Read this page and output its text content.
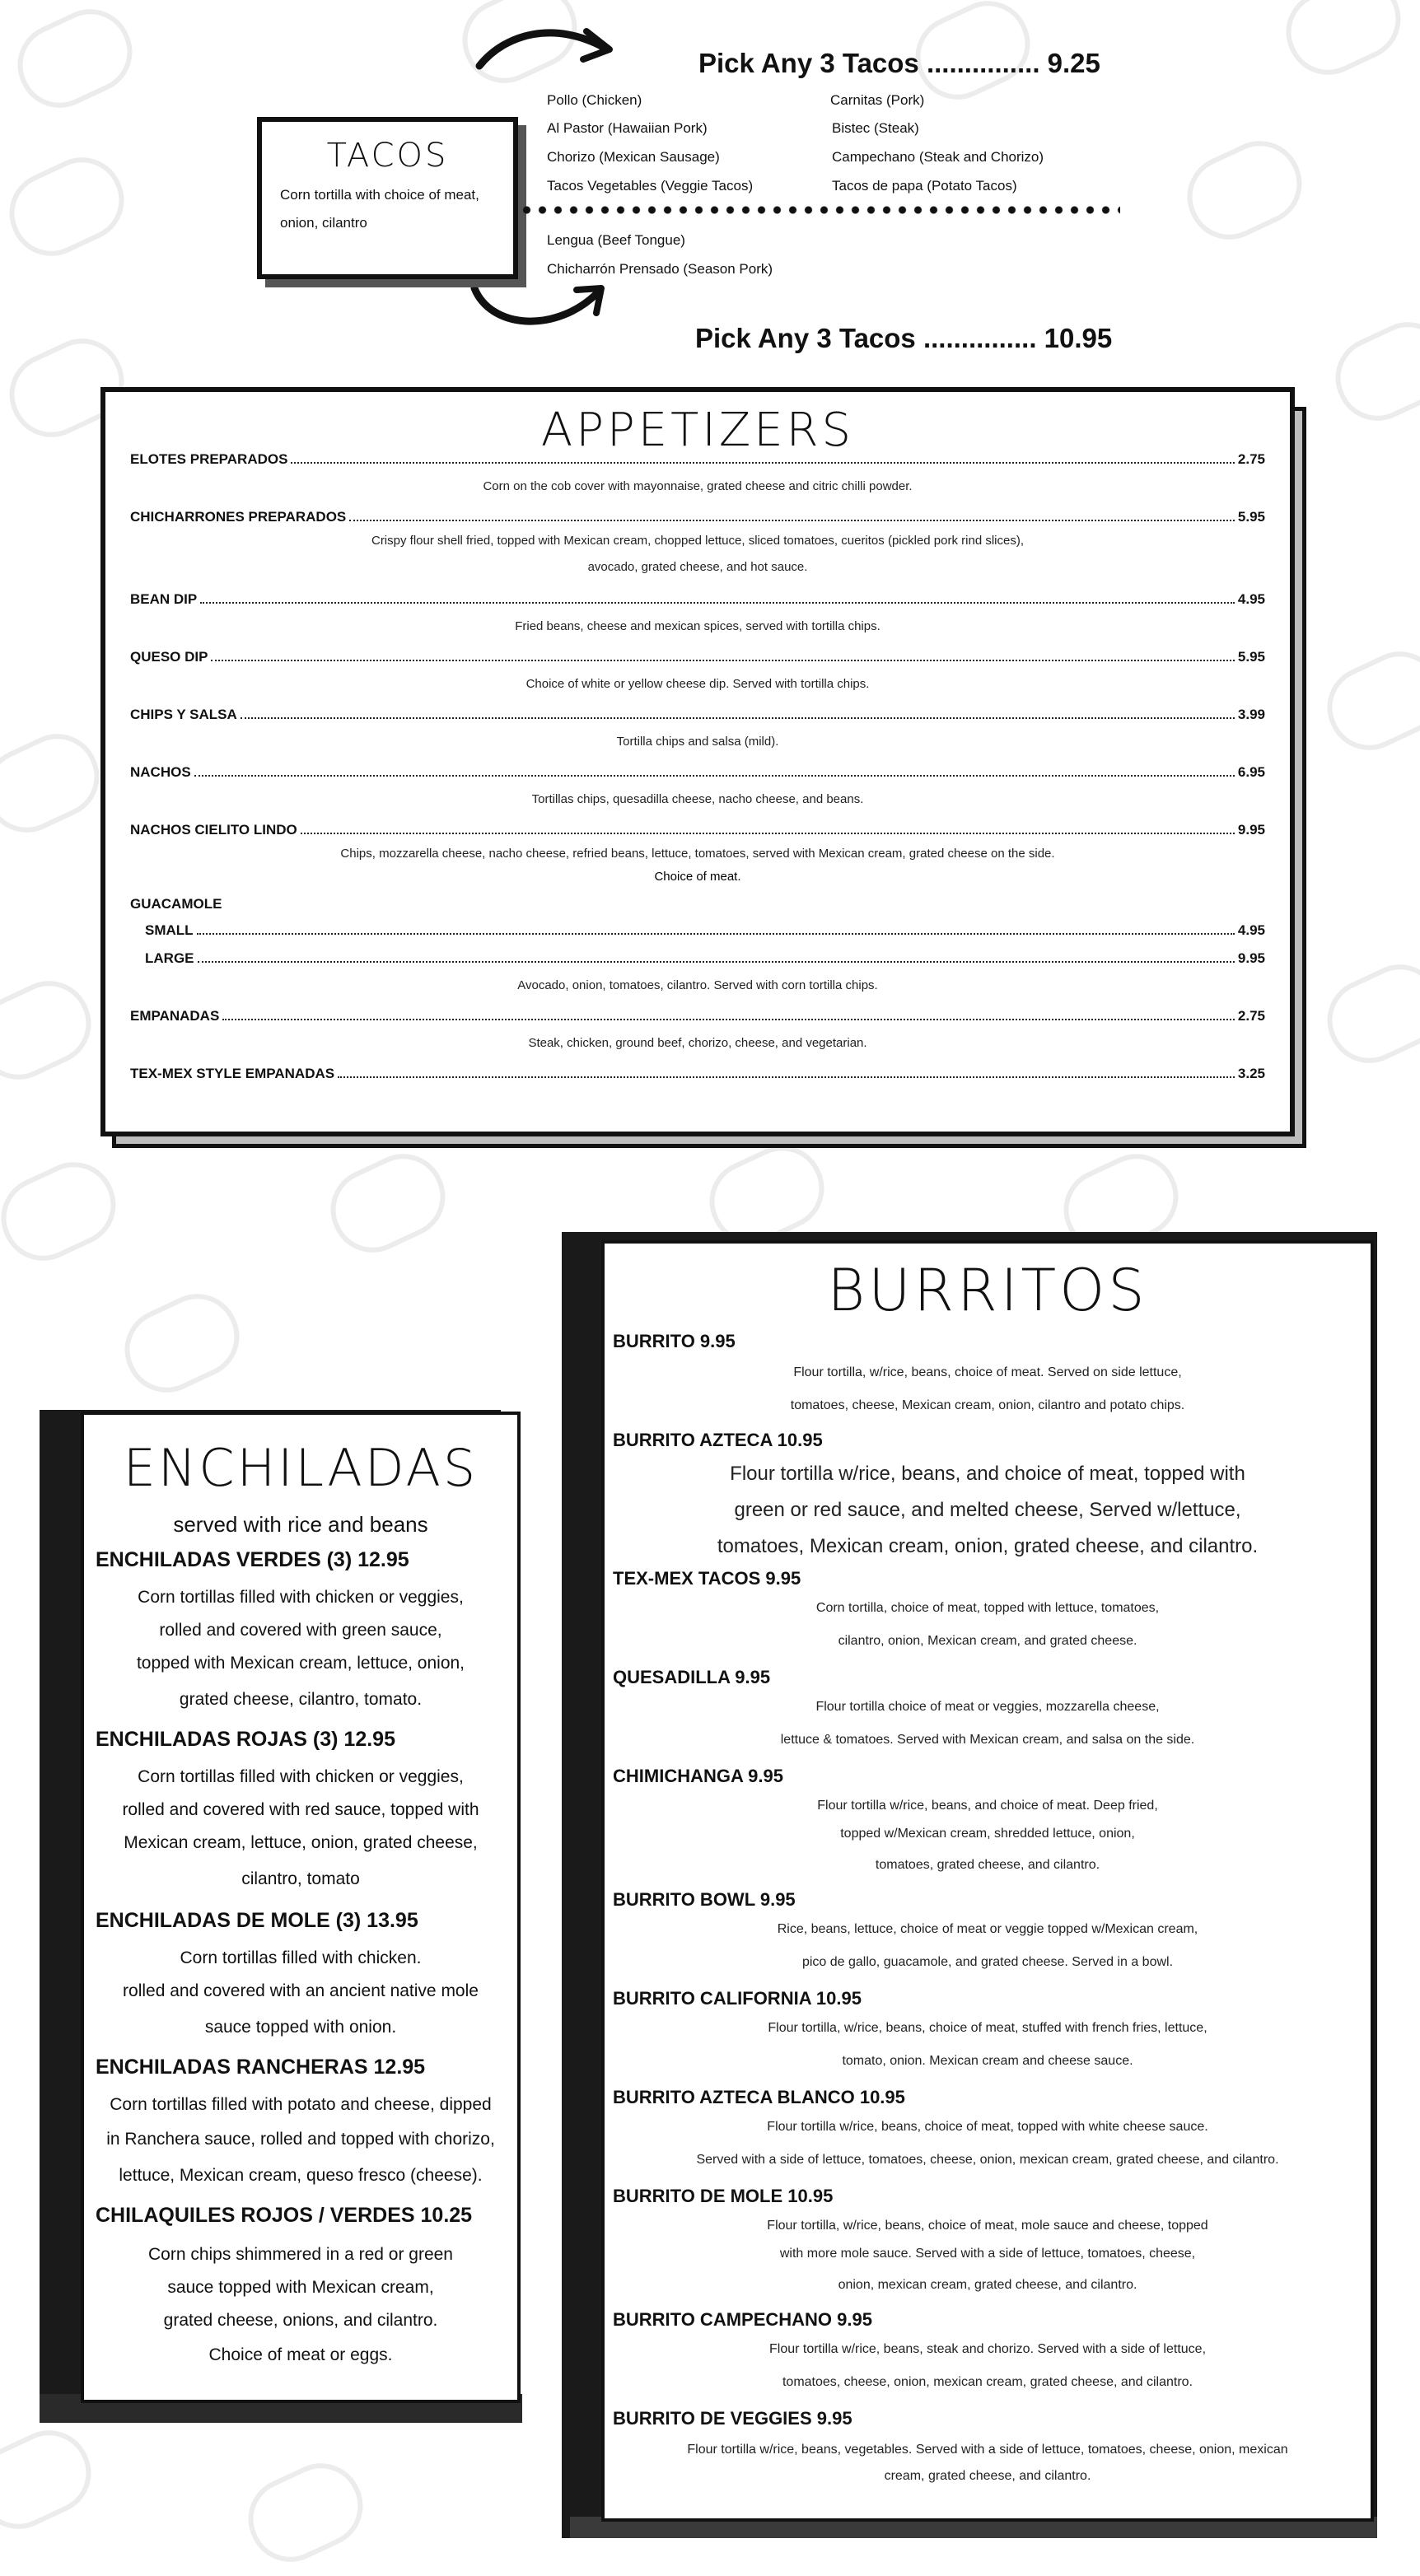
TACOS
Corn tortilla with choice of meat, onion, cilantro
Pick Any 3 Tacos ............... 9.25
Pick Any 3 Tacos ............... 10.95
Pollo (Chicken)
Al Pastor (Hawaiian Pork)
Chorizo (Mexican Sausage)
Tacos Vegetables (Veggie Tacos)
Carnitas (Pork)
Bistec (Steak)
Campechano (Steak and Chorizo)
Tacos de papa (Potato Tacos)
Lengua (Beef Tongue)
Chicharrón Prensado (Season Pork)
APPETIZERS
ELOTES PREPARADOS	2.75
Corn on the cob cover with mayonnaise, grated cheese and citric chilli powder.
CHICHARRONES PREPARADOS	5.95
Crispy flour shell fried, topped with Mexican cream, chopped lettuce, sliced tomatoes, cueritos (pickled pork rind slices),
avocado, grated cheese, and hot sauce.
BEAN DIP	4.95
Fried beans, cheese and mexican spices, served with tortilla chips.
QUESO DIP	5.95
Choice of white or yellow cheese dip. Served with tortilla chips.
CHIPS Y SALSA	3.99
Tortilla chips and salsa (mild).
NACHOS	6.95
Tortillas chips, quesadilla cheese, nacho cheese, and beans.
NACHOS CIELITO LINDO	9.95
Chips, mozzarella cheese, nacho cheese, refried beans, lettuce, tomatoes, served with Mexican cream, grated cheese on the side.
Choice of meat.
GUACAMOLE
SMALL	4.95
LARGE	9.95
Avocado, onion, tomatoes, cilantro. Served with corn tortilla chips.
EMPANADAS	2.75
Steak, chicken, ground beef, chorizo, cheese, and vegetarian.
TEX-MEX STYLE EMPANADAS	3.25
ENCHILADAS
served with rice and beans
ENCHILADAS VERDES (3) 12.95
Corn tortillas filled with chicken or veggies,
rolled and covered with green sauce,
topped with Mexican cream, lettuce, onion,
grated cheese, cilantro, tomato.
ENCHILADAS ROJAS (3) 12.95
Corn tortillas filled with chicken or veggies,
rolled and covered with red sauce, topped with
Mexican cream, lettuce, onion, grated cheese,
cilantro, tomato
ENCHILADAS DE MOLE (3) 13.95
Corn tortillas filled with chicken.
rolled and covered with an ancient native mole
sauce topped with onion.
ENCHILADAS RANCHERAS 12.95
Corn tortillas filled with potato and cheese, dipped
in Ranchera sauce, rolled and topped with chorizo,
lettuce, Mexican cream, queso fresco (cheese).
CHILAQUILES ROJOS / VERDES 10.25
Corn chips shimmered in a red or green
sauce topped with Mexican cream,
grated cheese, onions, and cilantro.
Choice of meat or eggs.
BURRITOS
BURRITO 9.95
Flour tortilla, w/rice, beans, choice of meat. Served on side lettuce,
tomatoes, cheese, Mexican cream, onion, cilantro and potato chips.
BURRITO AZTECA 10.95
Flour tortilla w/rice, beans, and choice of meat, topped with
green or red sauce, and melted cheese, Served w/lettuce,
tomatoes, Mexican cream, onion, grated cheese, and cilantro.
TEX-MEX TACOS 9.95
Corn tortilla, choice of meat, topped with lettuce, tomatoes,
cilantro, onion, Mexican cream, and grated cheese.
QUESADILLA 9.95
Flour tortilla choice of meat or veggies, mozzarella cheese,
lettuce & tomatoes. Served with Mexican cream, and salsa on the side.
CHIMICHANGA 9.95
Flour tortilla w/rice, beans, and choice of meat. Deep fried,
topped w/Mexican cream, shredded lettuce, onion,
tomatoes, grated cheese, and cilantro.
BURRITO BOWL 9.95
Rice, beans, lettuce, choice of meat or veggie topped w/Mexican cream,
pico de gallo, guacamole, and grated cheese. Served in a bowl.
BURRITO CALIFORNIA 10.95
Flour tortilla, w/rice, beans, choice of meat, stuffed with french fries, lettuce,
tomato, onion. Mexican cream and cheese sauce.
BURRITO AZTECA BLANCO 10.95
Flour tortilla w/rice, beans, choice of meat, topped with white cheese sauce.
Served with a side of lettuce, tomatoes, cheese, onion, mexican cream, grated cheese, and cilantro.
BURRITO DE MOLE 10.95
Flour tortilla, w/rice, beans, choice of meat, mole sauce and cheese, topped
with more mole sauce. Served with a side of lettuce, tomatoes, cheese,
onion, mexican cream, grated cheese, and cilantro.
BURRITO CAMPECHANO 9.95
Flour tortilla w/rice, beans, steak and chorizo. Served with a side of lettuce,
tomatoes, cheese, onion, mexican cream, grated cheese, and cilantro.
BURRITO DE VEGGIES 9.95
Flour tortilla w/rice, beans, vegetables. Served with a side of lettuce, tomatoes, cheese, onion, mexican
cream, grated cheese, and cilantro.
